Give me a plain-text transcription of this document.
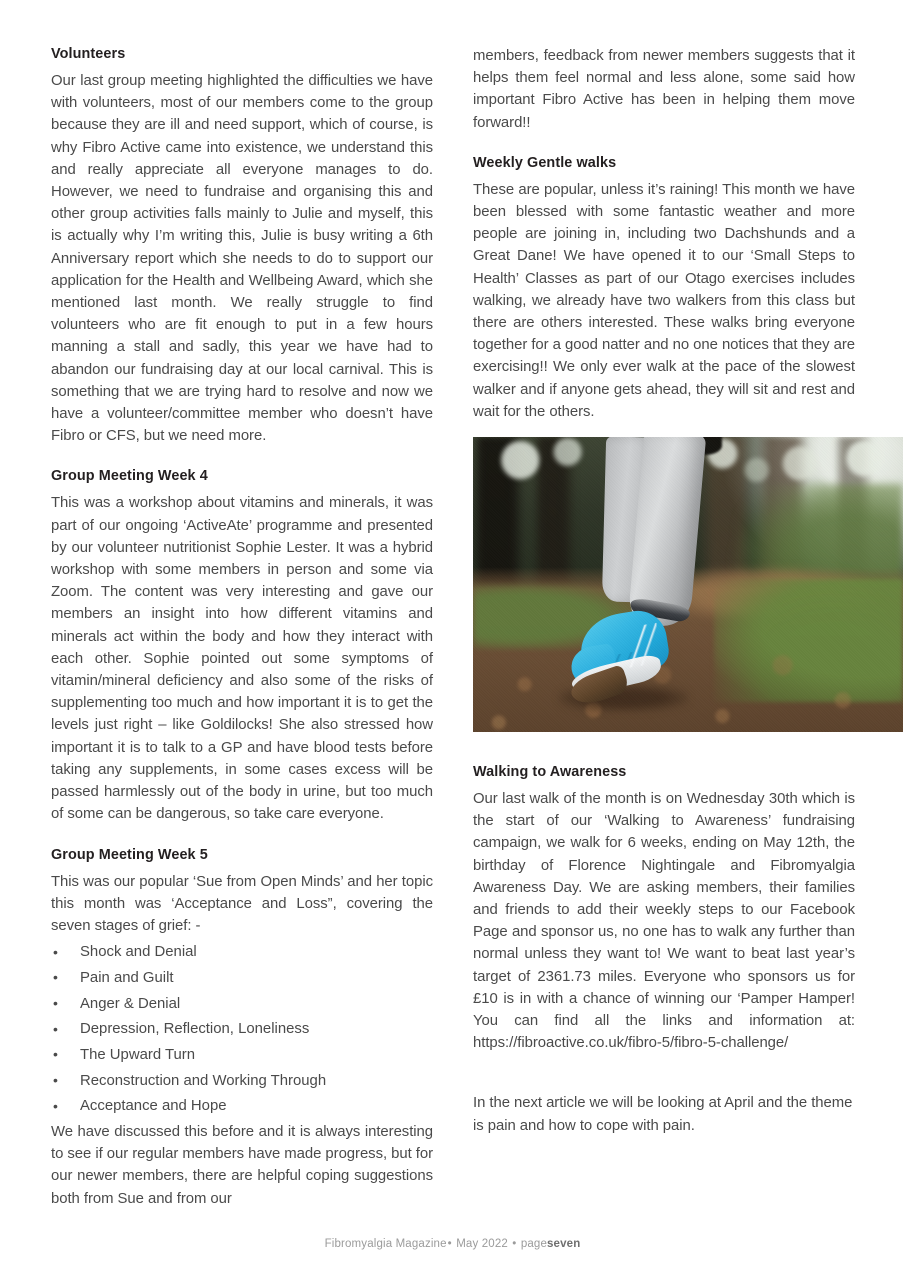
Volunteers

Our last group meeting highlighted the difficulties we have with volunteers, most of our members come to the group because they are ill and need support, which of course, is why Fibro Active came into existence, we understand this and really appreciate all everyone manages to do. However, we need to fundraise and organising this and other group activities falls mainly to Julie and myself, this is actually why I’m writing this, Julie is busy writing a 6th Anniversary report which she needs to do to support our application for the Health and Wellbeing Award, which she mentioned last month. We really struggle to find volunteers who are fit enough to put in a few hours manning a stall and sadly, this year we have had to abandon our fundraising day at our local carnival. This is something that we are trying hard to resolve and now we have a volunteer/committee member who doesn’t have Fibro or CFS, but we need more.

Group Meeting Week 4

This was a workshop about vitamins and minerals, it was part of our ongoing ‘ActiveAte’ programme and presented by our volunteer nutritionist Sophie Lester. It was a hybrid workshop with some members in person and some via Zoom. The content was very interesting and gave our members an insight into how different vitamins and minerals act within the body and how they interact with each other. Sophie pointed out some symptoms of vitamin/mineral deficiency and also some of the risks of supplementing too much and how important it is to get the levels just right – like Goldilocks! She also stressed how important it is to talk to a GP and have blood tests before taking any supplements, in some cases excess will be passed harmlessly out of the body in urine, but too much of some can be dangerous, so take care everyone.

Group Meeting Week 5

This was our popular ‘Sue from Open Minds’ and her topic this month was ‘Acceptance and Loss”, covering the seven stages of grief: -

• Shock and Denial
• Pain and Guilt
• Anger & Denial
• Depression, Reflection, Loneliness
• The Upward Turn
• Reconstruction and Working Through
• Acceptance and Hope

We have discussed this before and it is always interesting to see if our regular members have made progress, but for our newer members, there are helpful coping suggestions both from Sue and from our

members, feedback from newer members suggests that it helps them feel normal and less alone, some said how important Fibro Active has been in helping them move forward!!

Weekly Gentle walks

These are popular, unless it’s raining! This month we have been blessed with some fantastic weather and more people are joining in, including two Dachshunds and a Great Dane! We have opened it to our ‘Small Steps to Health’ Classes as part of our Otago exercises includes walking, we already have two walkers from this class but there are others interested. These walks bring everyone together for a good natter and no one notices that they are exercising!! We only ever walk at the pace of the slowest walker and if anyone gets ahead, they will sit and rest and wait for the others.

Walking to Awareness

Our last walk of the month is on Wednesday 30th which is the start of our ‘Walking to Awareness’ fundraising campaign, we walk for 6 weeks, ending on May 12th, the birthday of Florence Nightingale and Fibromyalgia Awareness Day. We are asking members, their families and friends to add their weekly steps to our Facebook Page and sponsor us, no one has to walk any further than normal unless they want to! We want to beat last year’s target of 2361.73 miles. Everyone who sponsors us for £10 is in with a chance of winning our ‘Pamper Hamper! You can find all the links and information at: https://fibroactive.co.uk/fibro-5/fibro-5-challenge/

In the next article we will be looking at April and the theme is pain and how to cope with pain.

Fibromyalgia Magazine• May 2022 • pageseven
